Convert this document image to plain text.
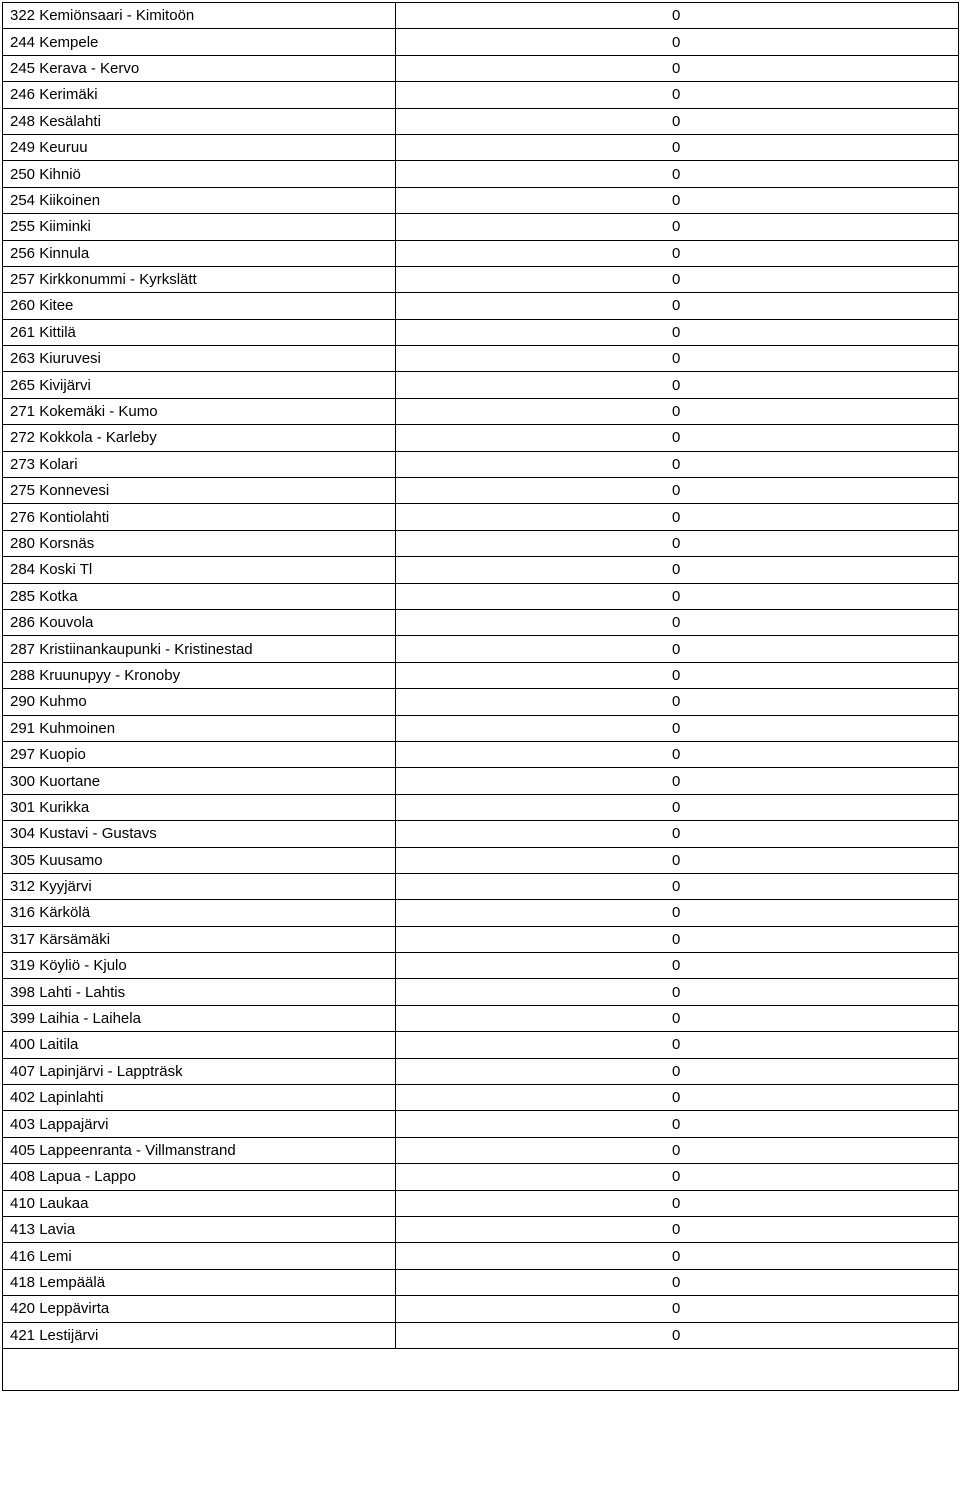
322 Kemiönsaari - Kimitoön	0
244 Kempele	0
245 Kerava - Kervo	0
246 Kerimäki	0
248 Kesälahti	0
249 Keuruu	0
250 Kihniö	0
254 Kiikoinen	0
255 Kiiminki	0
256 Kinnula	0
257 Kirkkonummi - Kyrkslätt	0
260 Kitee	0
261 Kittilä	0
263 Kiuruvesi	0
265 Kivijärvi	0
271 Kokemäki - Kumo	0
272 Kokkola - Karleby	0
273 Kolari	0
275 Konnevesi	0
276 Kontiolahti	0
280 Korsnäs	0
284 Koski Tl	0
285 Kotka	0
286 Kouvola	0
287 Kristiinankaupunki - Kristinestad	0
288 Kruunupyy - Kronoby	0
290 Kuhmo	0
291 Kuhmoinen	0
297 Kuopio	0
300 Kuortane	0
301 Kurikka	0
304 Kustavi - Gustavs	0
305 Kuusamo	0
312 Kyyjärvi	0
316 Kärkölä	0
317 Kärsämäki	0
319 Köyliö - Kjulo	0
398 Lahti - Lahtis	0
399 Laihia - Laihela	0
400 Laitila	0
407 Lapinjärvi - Lappträsk	0
402 Lapinlahti	0
403 Lappajärvi	0
405 Lappeenranta - Villmanstrand	0
408 Lapua - Lappo	0
410 Laukaa	0
413 Lavia	0
416 Lemi	0
418 Lempäälä	0
420 Leppävirta	0
421 Lestijärvi	0
